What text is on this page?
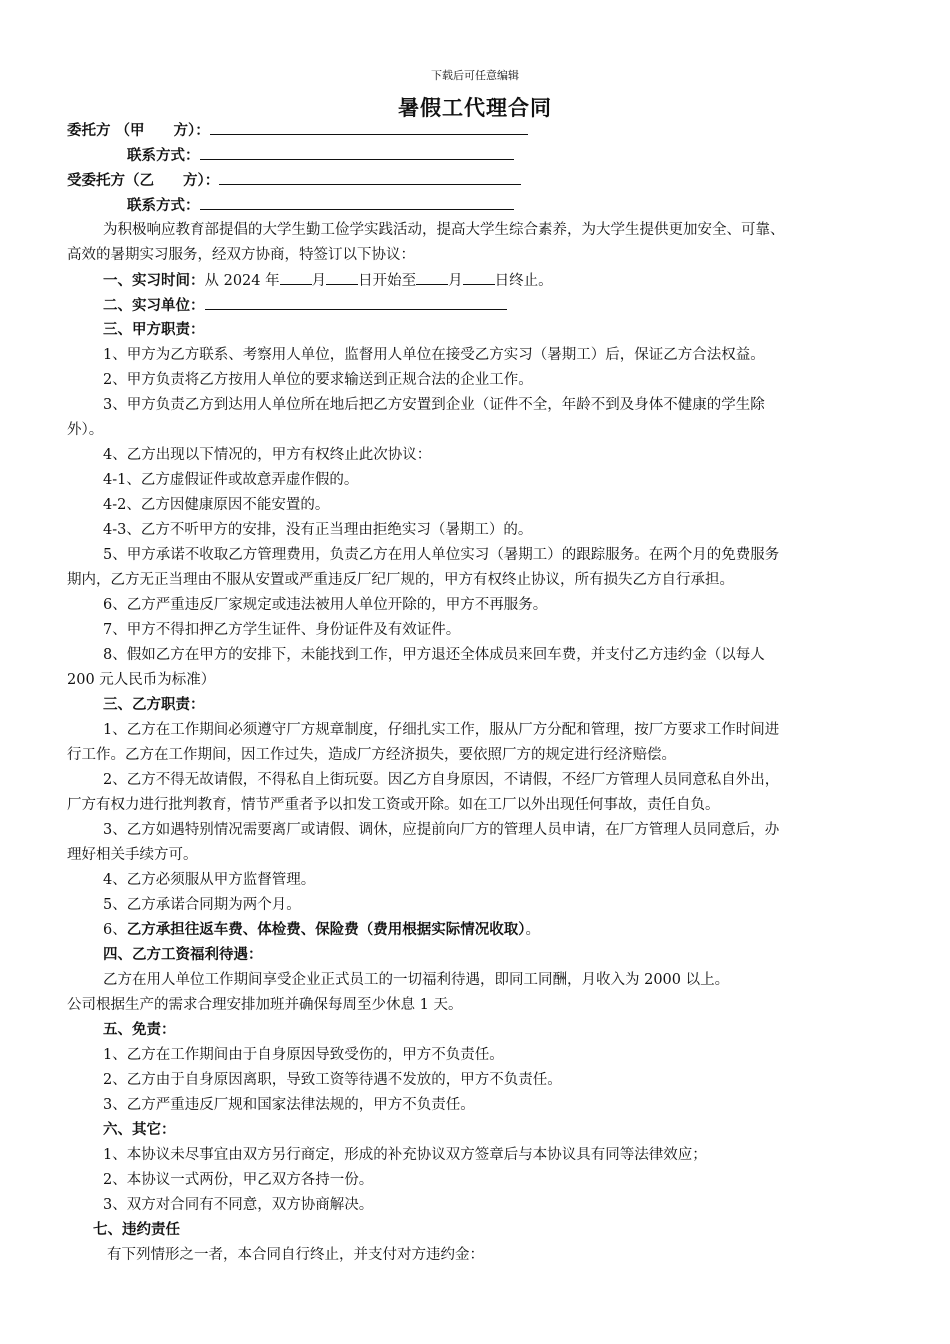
下载后可任意编辑
暑假工代理合同
委托方 （甲　　方）：
联系方式：
受委托方（乙　　方）：
联系方式：
为积极响应教育部提倡的大学生勤工俭学实践活动，提高大学生综合素养，为大学生提供更加安全、可靠、
高效的暑期实习服务，经双方协商，特签订以下协议：
一、实习时间：从 2024 年 月 日开始至 月 日终止。
二、实习单位：
三、甲方职责：
1、甲方为乙方联系、考察用人单位，监督用人单位在接受乙方实习（暑期工）后，保证乙方合法权益。
2、甲方负责将乙方按用人单位的要求输送到正规合法的企业工作。
3、甲方负责乙方到达用人单位所在地后把乙方安置到企业（证件不全，年龄不到及身体不健康的学生除
外）。
4、乙方出现以下情况的，甲方有权终止此次协议：
4-1、乙方虚假证件或故意弄虚作假的。
4-2、乙方因健康原因不能安置的。
4-3、乙方不听甲方的安排，没有正当理由拒绝实习（暑期工）的。
5、甲方承诺不收取乙方管理费用，负责乙方在用人单位实习（暑期工）的跟踪服务。在两个月的免费服务
期内，乙方无正当理由不服从安置或严重违反厂纪厂规的，甲方有权终止协议，所有损失乙方自行承担。
6、乙方严重违反厂家规定或违法被用人单位开除的，甲方不再服务。
7、甲方不得扣押乙方学生证件、身份证件及有效证件。
8、假如乙方在甲方的安排下，未能找到工作，甲方退还全体成员来回车费，并支付乙方违约金（以每人
200 元人民币为标准）
三、乙方职责：
1、乙方在工作期间必须遵守厂方规章制度，仔细扎实工作，服从厂方分配和管理，按厂方要求工作时间进
行工作。乙方在工作期间，因工作过失，造成厂方经济损失，要依照厂方的规定进行经济赔偿。
2、乙方不得无故请假，不得私自上街玩耍。因乙方自身原因，不请假，不经厂方管理人员同意私自外出，
厂方有权力进行批判教育，情节严重者予以扣发工资或开除。如在工厂以外出现任何事故，责任自负。
3、乙方如遇特别情况需要离厂或请假、调休，应提前向厂方的管理人员申请，在厂方管理人员同意后，办
理好相关手续方可。
4、乙方必须服从甲方监督管理。
5、乙方承诺合同期为两个月。
6、乙方承担往返车费、体检费、保险费（费用根据实际情况收取）。
四、乙方工资福利待遇：
乙方在用人单位工作期间享受企业正式员工的一切福利待遇，即同工同酬，月收入为 2000 以上。
公司根据生产的需求合理安排加班并确保每周至少休息 1 天。
五、免责：
1、乙方在工作期间由于自身原因导致受伤的，甲方不负责任。
2、乙方由于自身原因离职，导致工资等待遇不发放的，甲方不负责任。
3、乙方严重违反厂规和国家法律法规的，甲方不负责任。
六、其它：
1、本协议未尽事宜由双方另行商定，形成的补充协议双方签章后与本协议具有同等法律效应；
2、本协议一式两份，甲乙双方各持一份。
3、双方对合同有不同意，双方协商解决。
七、违约责任
有下列情形之一者，本合同自行终止，并支付对方违约金：
